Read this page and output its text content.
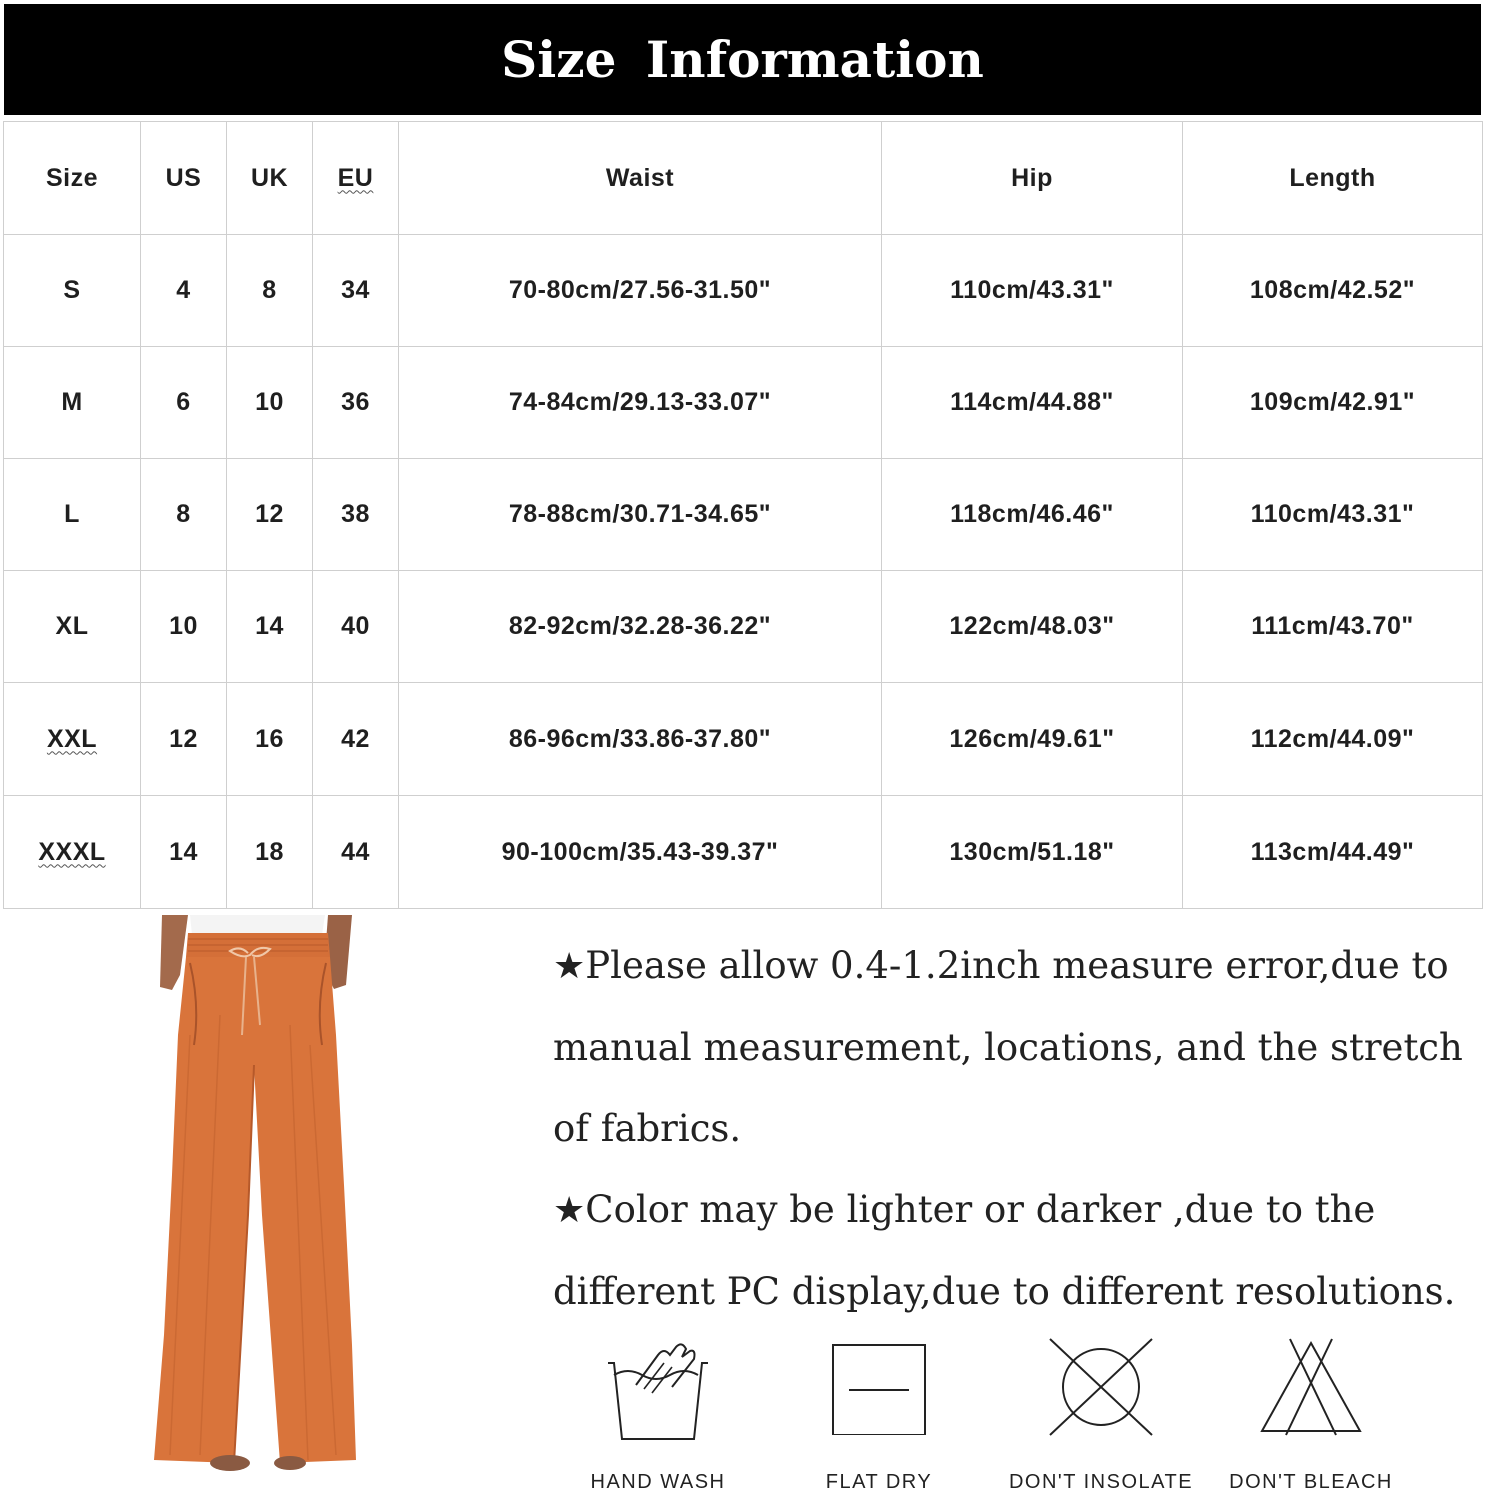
Size Information
Size	US	UK	EU	Waist	Hip	Length
S	4	8	34	70-80cm/27.56-31.50"	110cm/43.31"	108cm/42.52"
M	6	10	36	74-84cm/29.13-33.07"	114cm/44.88"	109cm/42.91"
L	8	12	38	78-88cm/30.71-34.65"	118cm/46.46"	110cm/43.31"
XL	10	14	40	82-92cm/32.28-36.22"	122cm/48.03"	111cm/43.70"
XXL	12	16	42	86-96cm/33.86-37.80"	126cm/49.61"	112cm/44.09"
XXXL	14	18	44	90-100cm/35.43-39.37"	130cm/51.18"	113cm/44.49"

★Please allow 0.4-1.2inch measure error,due to manual measurement, locations, and the stretch of fabrics.

★Color may be lighter or darker ,due to the different PC display,due to different resolutions.

HAND WASH	FLAT DRY	DON'T INSOLATE	DON'T BLEACH
